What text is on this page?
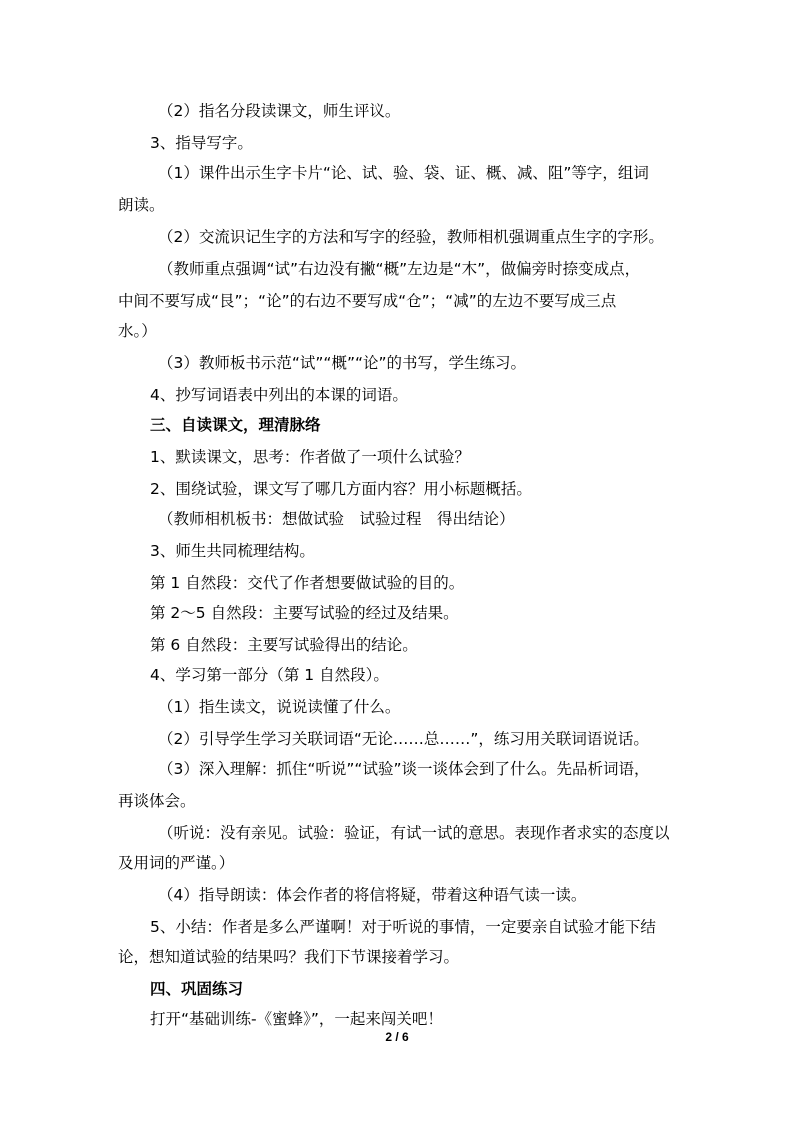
（2）指名分段读课文，师生评议。
3、指导写字。
（1）课件出示生字卡片“论、试、验、袋、证、概、减、阻”等字，组词
朗读。
（2）交流识记生字的方法和写字的经验，教师相机强调重点生字的字形。
（教师重点强调“试”右边没有撇“概”左边是“木”，做偏旁时捺变成点，
中间不要写成“艮”；“论”的右边不要写成“仓”；“减”的左边不要写成三点
水。）
（3）教师板书示范“试”“概”“论”的书写，学生练习。
4、抄写词语表中列出的本课的词语。
三、自读课文，理清脉络
1、默读课文，思考：作者做了一项什么试验？
2、围绕试验，课文写了哪几方面内容？用小标题概括。
（教师相机板书：想做试验　试验过程　得出结论）
3、师生共同梳理结构。
第 1 自然段：交代了作者想要做试验的目的。
第 2～5 自然段：主要写试验的经过及结果。
第 6 自然段：主要写试验得出的结论。
4、学习第一部分（第 1 自然段）。
（1）指生读文，说说读懂了什么。
（2）引导学生学习关联词语“无论……总……”，练习用关联词语说话。
（3）深入理解：抓住“听说”“试验”谈一谈体会到了什么。先品析词语，
再谈体会。
（听说：没有亲见。试验：验证，有试一试的意思。表现作者求实的态度以
及用词的严谨。）
（4）指导朗读：体会作者的将信将疑，带着这种语气读一读。
5、小结：作者是多么严谨啊！对于听说的事情，一定要亲自试验才能下结
论，想知道试验的结果吗？我们下节课接着学习。
四、巩固练习
打开“基础训练-《蜜蜂》”，一起来闯关吧！
2 / 6
